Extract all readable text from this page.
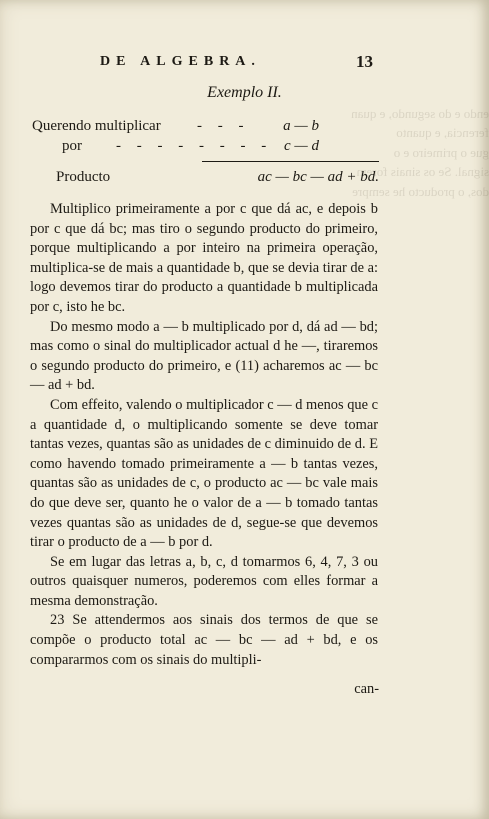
endo e do segundo, e quan
ferencia, e quanto
gue o primeiro e o
signal. Se os sinais forem
dos, o producto he sempre

DE ALGEBRA.	13
Exemplo II.
Querendo multiplicar - - - a — b
por - - - - - - - - c — d
Producto	ac — bc — ad + bd.

Multiplico primeiramente a por c que dá ac, e depois b por c que dá bc; mas tiro o segundo producto do primeiro, porque multiplicando a por inteiro na primeira operação, multiplica-se de mais a quantidade b, que se devia tirar de a: logo devemos tirar do producto a quantidade b multiplicada por c, isto he bc.

Do mesmo modo a — b multiplicado por d, dá ad — bd; mas como o sinal do multiplicador actual d he —, tiraremos o segundo producto do primeiro, e (11) acharemos ac — bc — ad + bd.

Com effeito, valendo o multiplicador c — d menos que c a quantidade d, o multiplicando somente se deve tomar tantas vezes, quantas são as unidades de c diminuido de d. E como havendo tomado primeiramente a — b tantas vezes, quantas são as unidades de c, o producto ac — bc vale mais do que deve ser, quanto he o valor de a — b tomado tantas vezes quantas são as unidades de d, segue-se que devemos tirar o producto de a — b por d.

Se em lugar das letras a, b, c, d tomarmos 6, 4, 7, 3 ou outros quaisquer numeros, poderemos com elles formar a mesma demonstração.

23 Se attendermos aos sinais dos termos de que se compõe o producto total ac — bc — ad + bd, e os compararmos com os sinais do multipli-

can-
